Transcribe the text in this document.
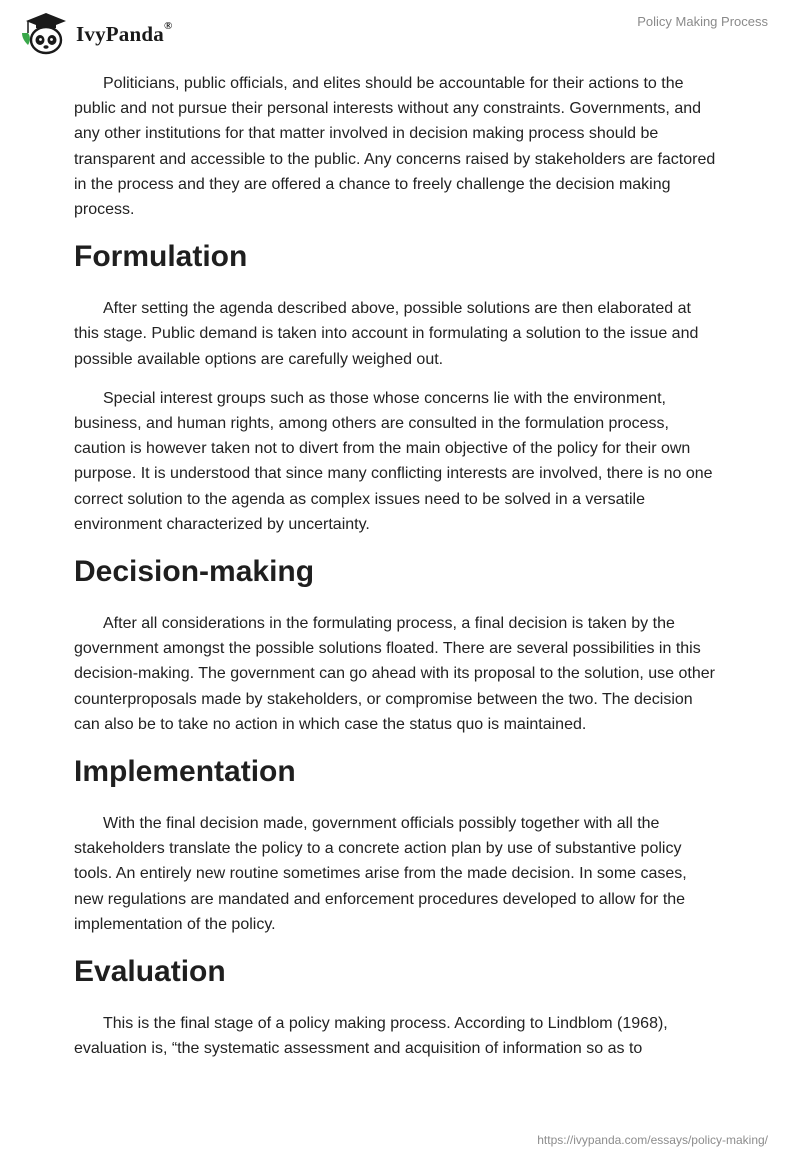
IvyPanda®	Policy Making Process

Politicians, public officials, and elites should be accountable for their actions to the public and not pursue their personal interests without any constraints. Governments, and any other institutions for that matter involved in decision making process should be transparent and accessible to the public. Any concerns raised by stakeholders are factored in the process and they are offered a chance to freely challenge the decision making process.

Formulation

After setting the agenda described above, possible solutions are then elaborated at this stage. Public demand is taken into account in formulating a solution to the issue and possible available options are carefully weighed out.

Special interest groups such as those whose concerns lie with the environment, business, and human rights, among others are consulted in the formulation process, caution is however taken not to divert from the main objective of the policy for their own purpose. It is understood that since many conflicting interests are involved, there is no one correct solution to the agenda as complex issues need to be solved in a versatile environment characterized by uncertainty.

Decision-making

After all considerations in the formulating process, a final decision is taken by the government amongst the possible solutions floated. There are several possibilities in this decision-making. The government can go ahead with its proposal to the solution, use other counterproposals made by stakeholders, or compromise between the two. The decision can also be to take no action in which case the status quo is maintained.

Implementation

With the final decision made, government officials possibly together with all the stakeholders translate the policy to a concrete action plan by use of substantive policy tools. An entirely new routine sometimes arise from the made decision. In some cases, new regulations are mandated and enforcement procedures developed to allow for the implementation of the policy.

Evaluation

This is the final stage of a policy making process. According to Lindblom (1968), evaluation is, “the systematic assessment and acquisition of information so as to

https://ivypanda.com/essays/policy-making/
